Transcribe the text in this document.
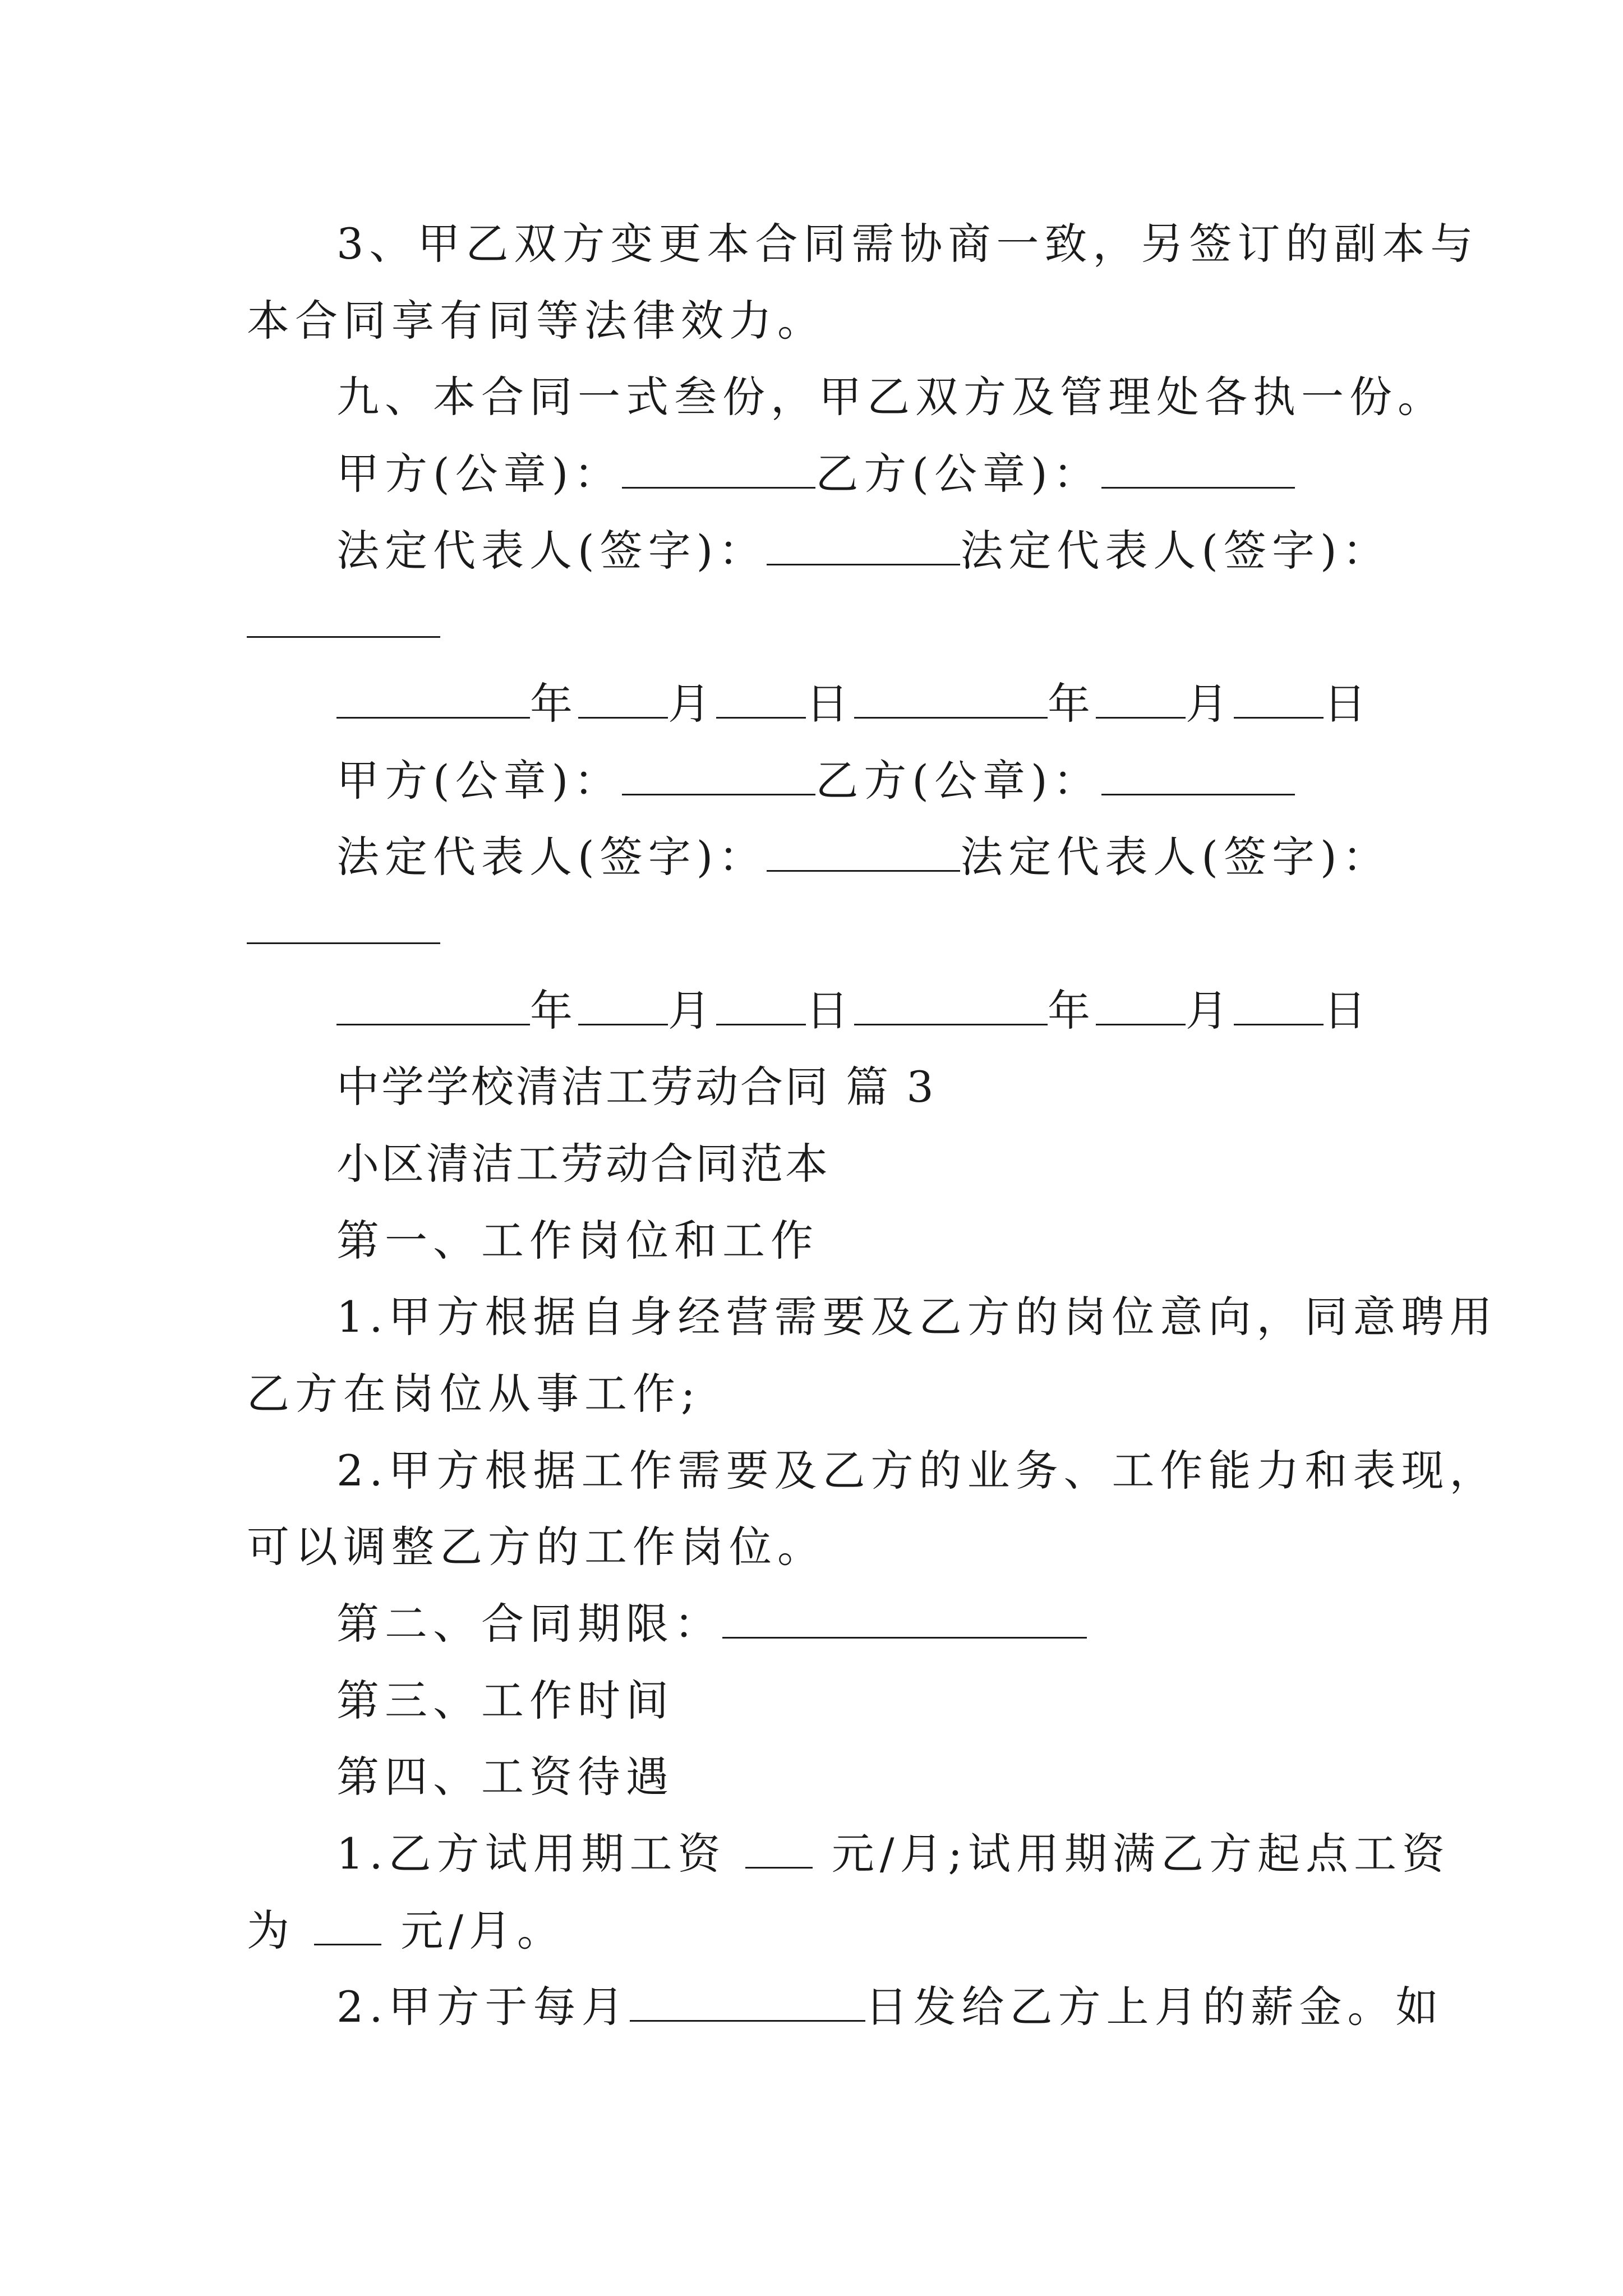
3、甲乙双方变更本合同需协商一致，另签订的副本与
本合同享有同等法律效力。
九、本合同一式叁份，甲乙双方及管理处各执一份。
甲方(公章)：	乙方(公章)：
法定代表人(签字)：	法定代表人(签字)：
年 月 日	年 月 日
甲方(公章)：	乙方(公章)：
法定代表人(签字)：	法定代表人(签字)：
年 月 日	年 月 日
中学学校清洁工劳动合同 篇 3
小区清洁工劳动合同范本
第一、工作岗位和工作
1.甲方根据自身经营需要及乙方的岗位意向，同意聘用
乙方在岗位从事工作;
2.甲方根据工作需要及乙方的业务、工作能力和表现，
可以调整乙方的工作岗位。
第二、合同期限：
第三、工作时间
第四、工资待遇
1.乙方试用期工资  元/月;试用期满乙方起点工资
为  元/月。
2.甲方于每月	日发给乙方上月的薪金。如
